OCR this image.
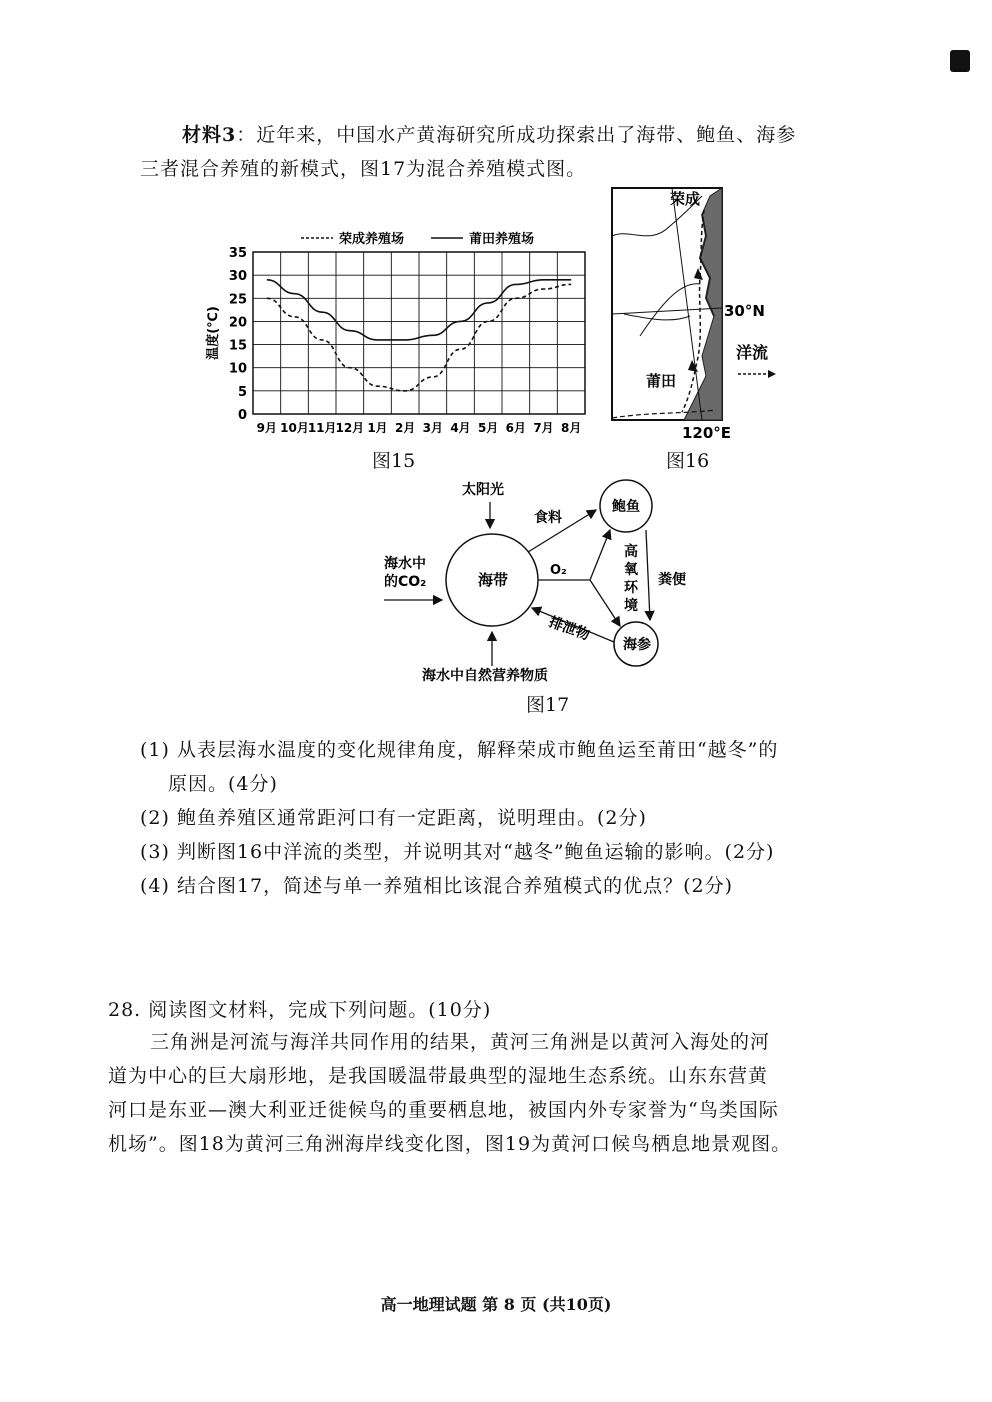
材料3：近年来，中国水产黄海研究所成功探索出了海带、鲍鱼、海参
三者混合养殖的新模式，图17为混合养殖模式图。
0
5
10
15
20
25
30
35
9月 10月
11月
12月 1月 2月 3月 4月 5月 6月 7月 8月
温度(℃)
荣成养殖场	莆田养殖场
图15
荣成
30°N
洋流
莆田
120°E
图16
太阳光
海水中
的CO₂	海带
海水中自然营养物质
鲍鱼
海参
食料
O₂
高
氧
环
境
粪便
排泄物
图17
(1) 从表层海水温度的变化规律角度，解释荣成市鲍鱼运至莆田“越冬”的
原因。(4分)
(2) 鲍鱼养殖区通常距河口有一定距离，说明理由。(2分)
(3) 判断图16中洋流的类型，并说明其对“越冬”鲍鱼运输的影响。(2分)
(4) 结合图17，简述与单一养殖相比该混合养殖模式的优点？(2分)
28. 阅读图文材料，完成下列问题。(10分)
三角洲是河流与海洋共同作用的结果，黄河三角洲是以黄河入海处的河
道为中心的巨大扇形地，是我国暖温带最典型的湿地生态系统。山东东营黄
河口是东亚—澳大利亚迁徙候鸟的重要栖息地，被国内外专家誉为“鸟类国际
机场”。图18为黄河三角洲海岸线变化图，图19为黄河口候鸟栖息地景观图。
高一地理试题 第 8 页 (共10页)
